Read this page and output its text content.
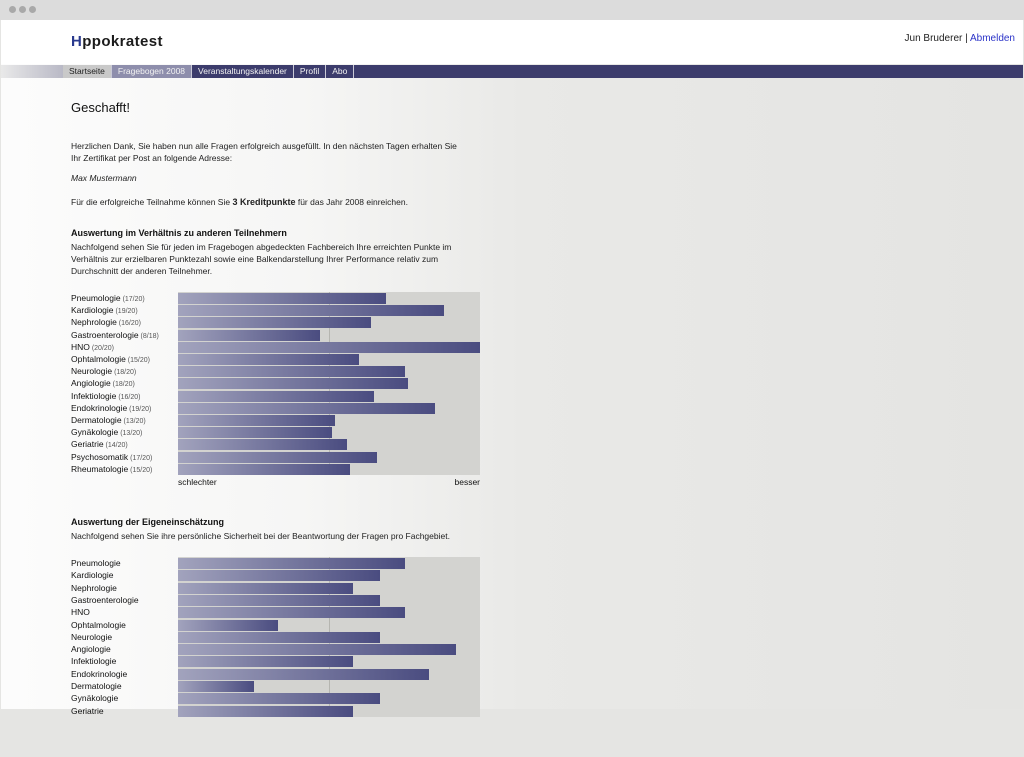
Hppokratest	Jun Bruderer | Abmelden
Startseite	Fragebogen 2008	Veranstaltungskalender	Profil	Abo
Geschafft!

Herzlichen Dank, Sie haben nun alle Fragen erfolgreich ausgefüllt. In den nächsten Tagen erhalten Sie Ihr Zertifikat per Post an folgende Adresse:

Max Mustermann

Für die erfolgreiche Teilnahme können Sie 3 Kreditpunkte für das Jahr 2008 einreichen.

Auswertung im Verhältnis zu anderen Teilnehmern

Nachfolgend sehen Sie für jeden im Fragebogen abgedeckten Fachbereich Ihre erreichten Punkte im Verhältnis zur erzielbaren Punktezahl sowie eine Balkendarstellung Ihrer Performance relativ zum Durchschnitt der anderen Teilnehmer.

Pneumologie (17/20)
Kardiologie (19/20)
Nephrologie (16/20)
Gastroenterologie (8/18)
HNO (20/20)
Ophtalmologie (15/20)
Neurologie (18/20)
Angiologie (18/20)
Infektiologie (16/20)
Endokrinologie (19/20)
Dermatologie (13/20)
Gynäkologie (13/20)
Geriatrie (14/20)
Psychosomatik (17/20)
Rheumatologie (15/20)
schlechter	besser
Auswertung der Eigeneinschätzung

Nachfolgend sehen Sie ihre persönliche Sicherheit bei der Beantwortung der Fragen pro Fachgebiet.

Pneumologie
Kardiologie
Nephrologie
Gastroenterologie
HNO
Ophtalmologie
Neurologie
Angiologie
Infektiologie
Endokrinologie
Dermatologie
Gynäkologie
Geriatrie
